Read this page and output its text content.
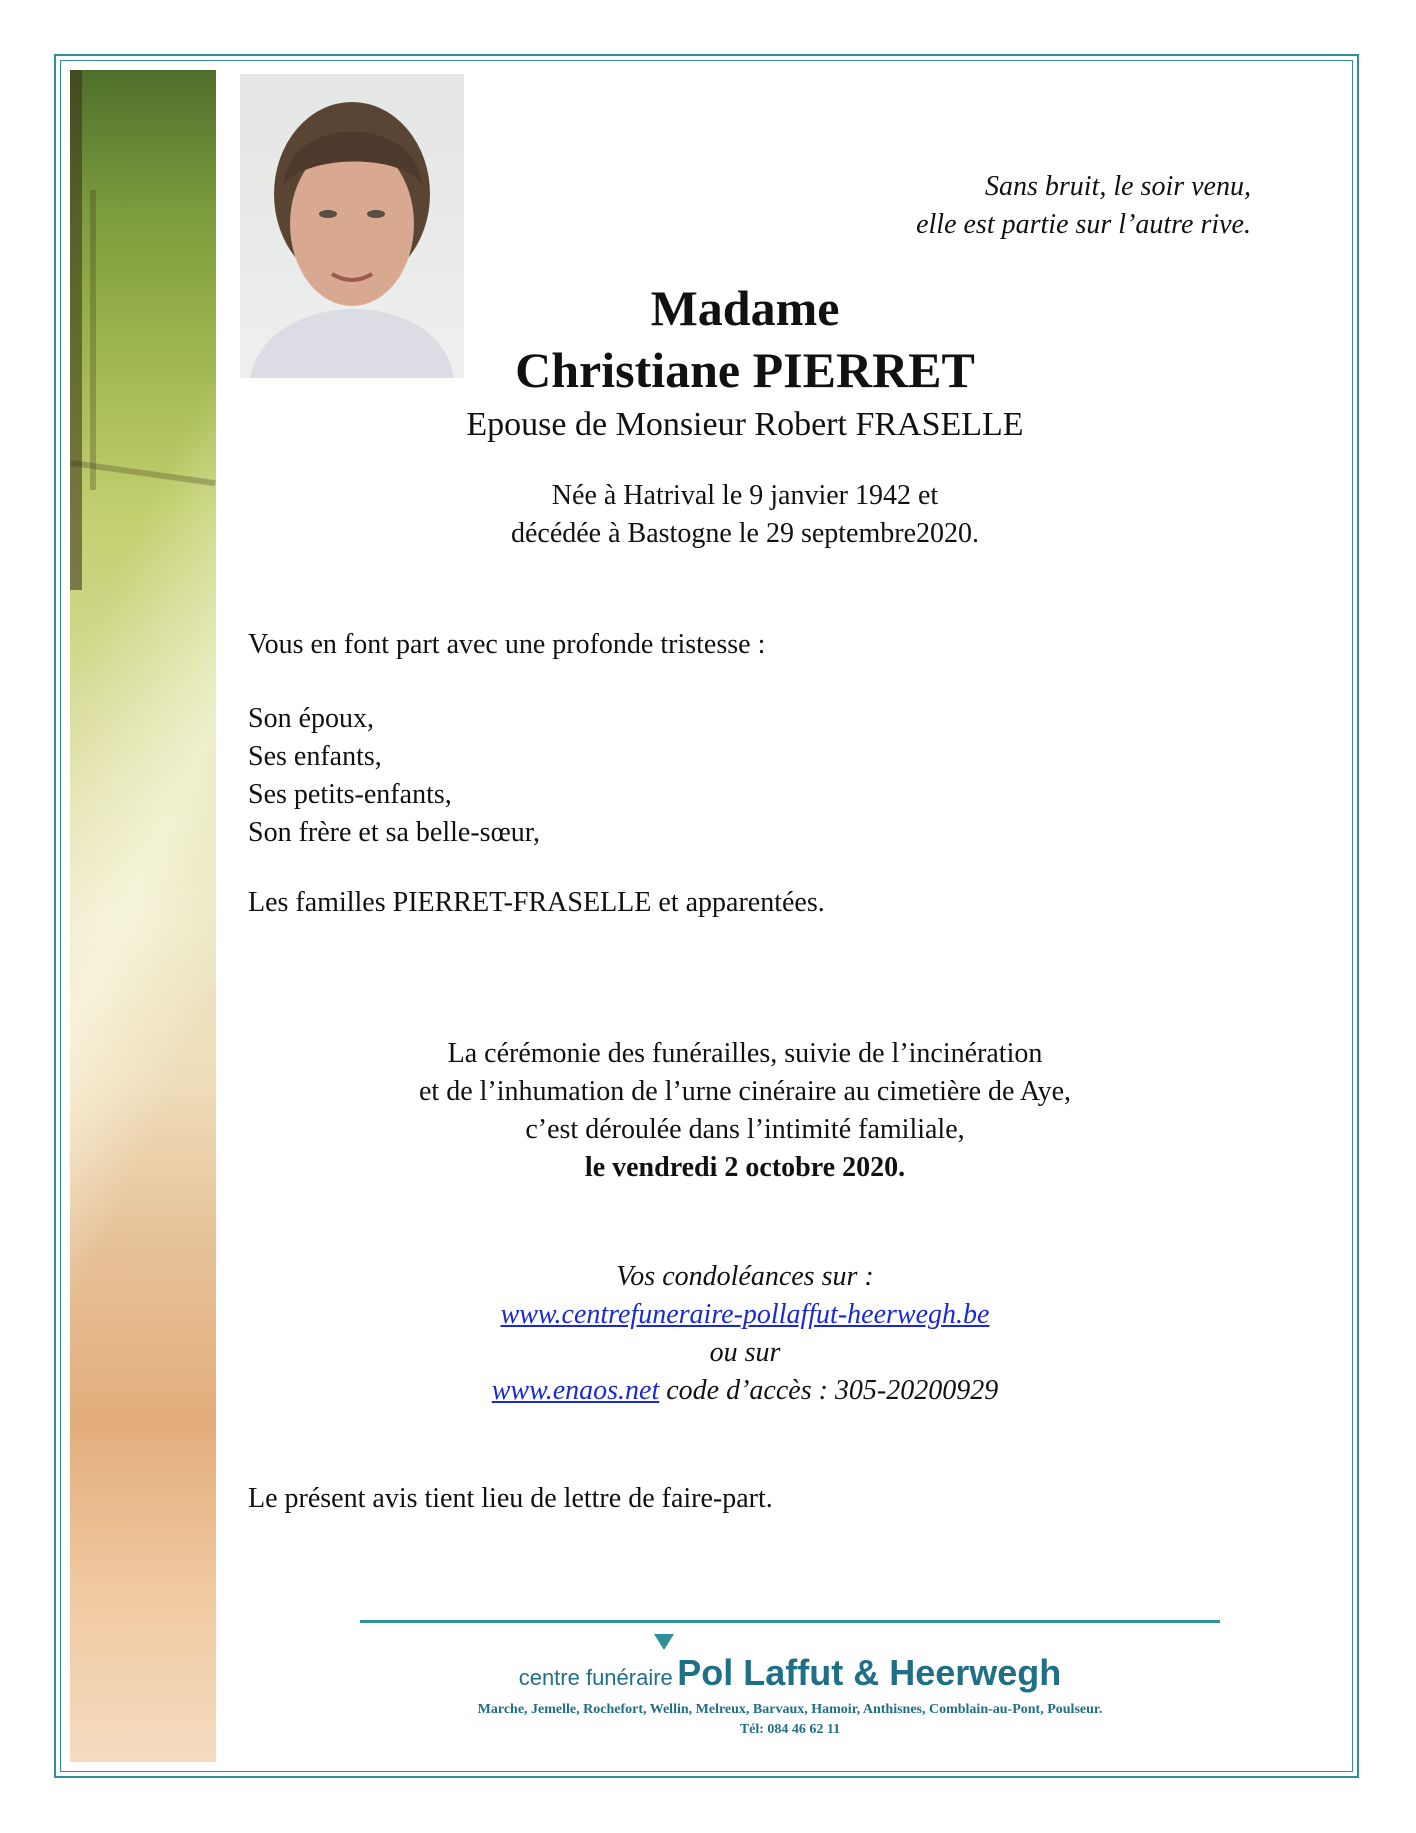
Sans bruit, le soir venu,
elle est partie sur l’autre rive.
Madame
Christiane PIERRET
Epouse de Monsieur Robert FRASELLE
Née à Hatrival le 9 janvier 1942 et
décédée à Bastogne le 29 septembre2020.
Vous en font part avec une profonde tristesse :
Son époux,
Ses enfants,
Ses petits-enfants,
Son frère et sa belle-sœur,
Les familles PIERRET-FRASELLE et apparentées.
La cérémonie des funérailles, suivie de l’incinération
et de l’inhumation de l’urne cinéraire au cimetière de Aye,
c’est déroulée dans l’intimité familiale,
le vendredi 2 octobre 2020.
Vos condoléances sur :
www.centrefuneraire-pollaffut-heerwegh.be
ou sur
www.enaos.net code d’accès : 305-20200929
Le présent avis tient lieu de lettre de faire-part.
centre funéraire Pol Laffut & Heerwegh
Marche, Jemelle, Rochefort, Wellin, Melreux, Barvaux, Hamoir, Anthisnes, Comblain-au-Pont, Poulseur.
Tél: 084 46 62 11
